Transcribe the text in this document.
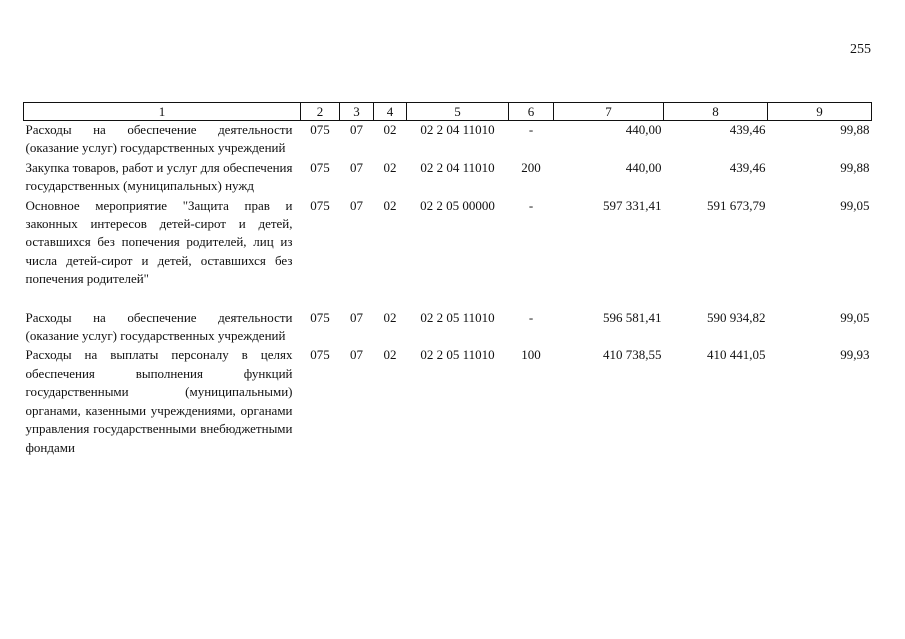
255
1	2	3	4	5	6	7	8	9
Расходы на обеспечение деятельности (оказание услуг) государственных учреждений	075	07	02	02 2 04 11010	-	440,00	439,46	99,88

Закупка товаров, работ и услуг для обеспечения государственных (муниципальных) нужд	075	07	02	02 2 04 11010	200	440,00	439,46	99,88

Основное мероприятие "Защита прав и законных интересов детей-сирот и детей, оставшихся без попечения родителей, лиц из числа детей-сирот и детей, оставшихся без попечения родителей"	075	07	02	02 2 05 00000	-	597 331,41	591 673,79	99,05

Расходы на обеспечение деятельности (оказание услуг) государственных учреждений	075	07	02	02 2 05 11010	-	596 581,41	590 934,82	99,05

Расходы на выплаты персоналу в целях обеспечения выполнения функций государственными (муниципальными) органами, казенными учреждениями, органами управления государственными внебюджетными фондами	075	07	02	02 2 05 11010	100	410 738,55	410 441,05	99,93
